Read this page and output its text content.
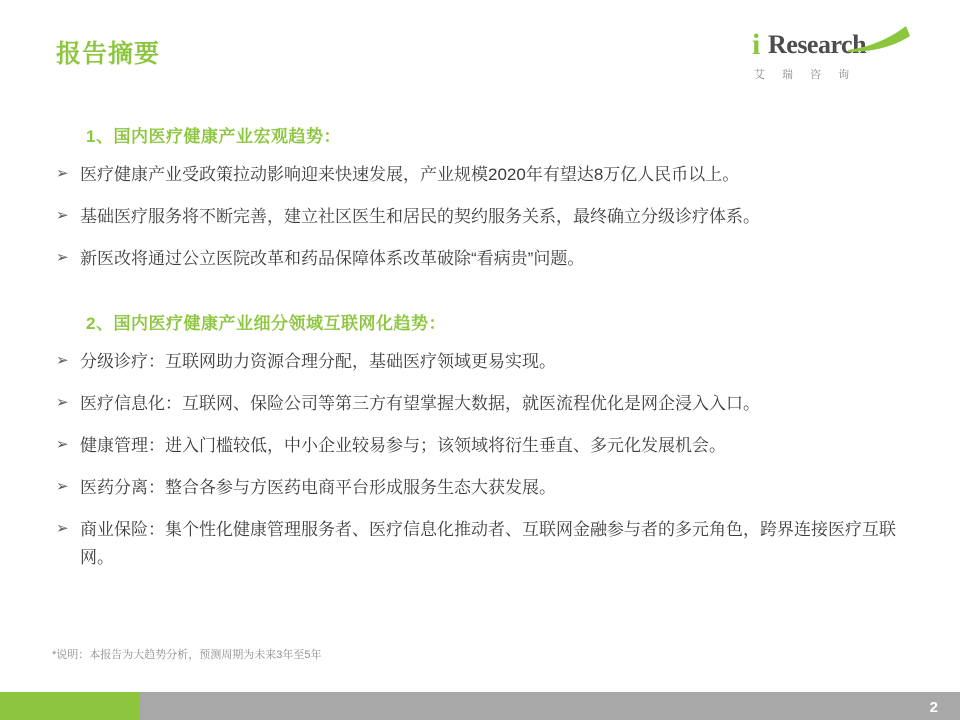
报告摘要	i Research
艾 瑞 咨 询
1、国内医疗健康产业宏观趋势：
➢ 医疗健康产业受政策拉动影响迎来快速发展，产业规模2020年有望达8万亿人民币以上。
➢ 基础医疗服务将不断完善，建立社区医生和居民的契约服务关系，最终确立分级诊疗体系。
➢ 新医改将通过公立医院改革和药品保障体系改革破除“看病贵”问题。
2、国内医疗健康产业细分领域互联网化趋势：
➢ 分级诊疗：互联网助力资源合理分配，基础医疗领域更易实现。
➢ 医疗信息化：互联网、保险公司等第三方有望掌握大数据，就医流程优化是网企浸入入口。
➢ 健康管理：进入门槛较低，中小企业较易参与；该领域将衍生垂直、多元化发展机会。
➢ 医药分离：整合各参与方医药电商平台形成服务生态大获发展。
➢ 商业保险：集个性化健康管理服务者、医疗信息化推动者、互联网金融参与者的多元角色，跨界连接医疗互联网。
*说明：本报告为大趋势分析，预测周期为未来3年至5年
2
